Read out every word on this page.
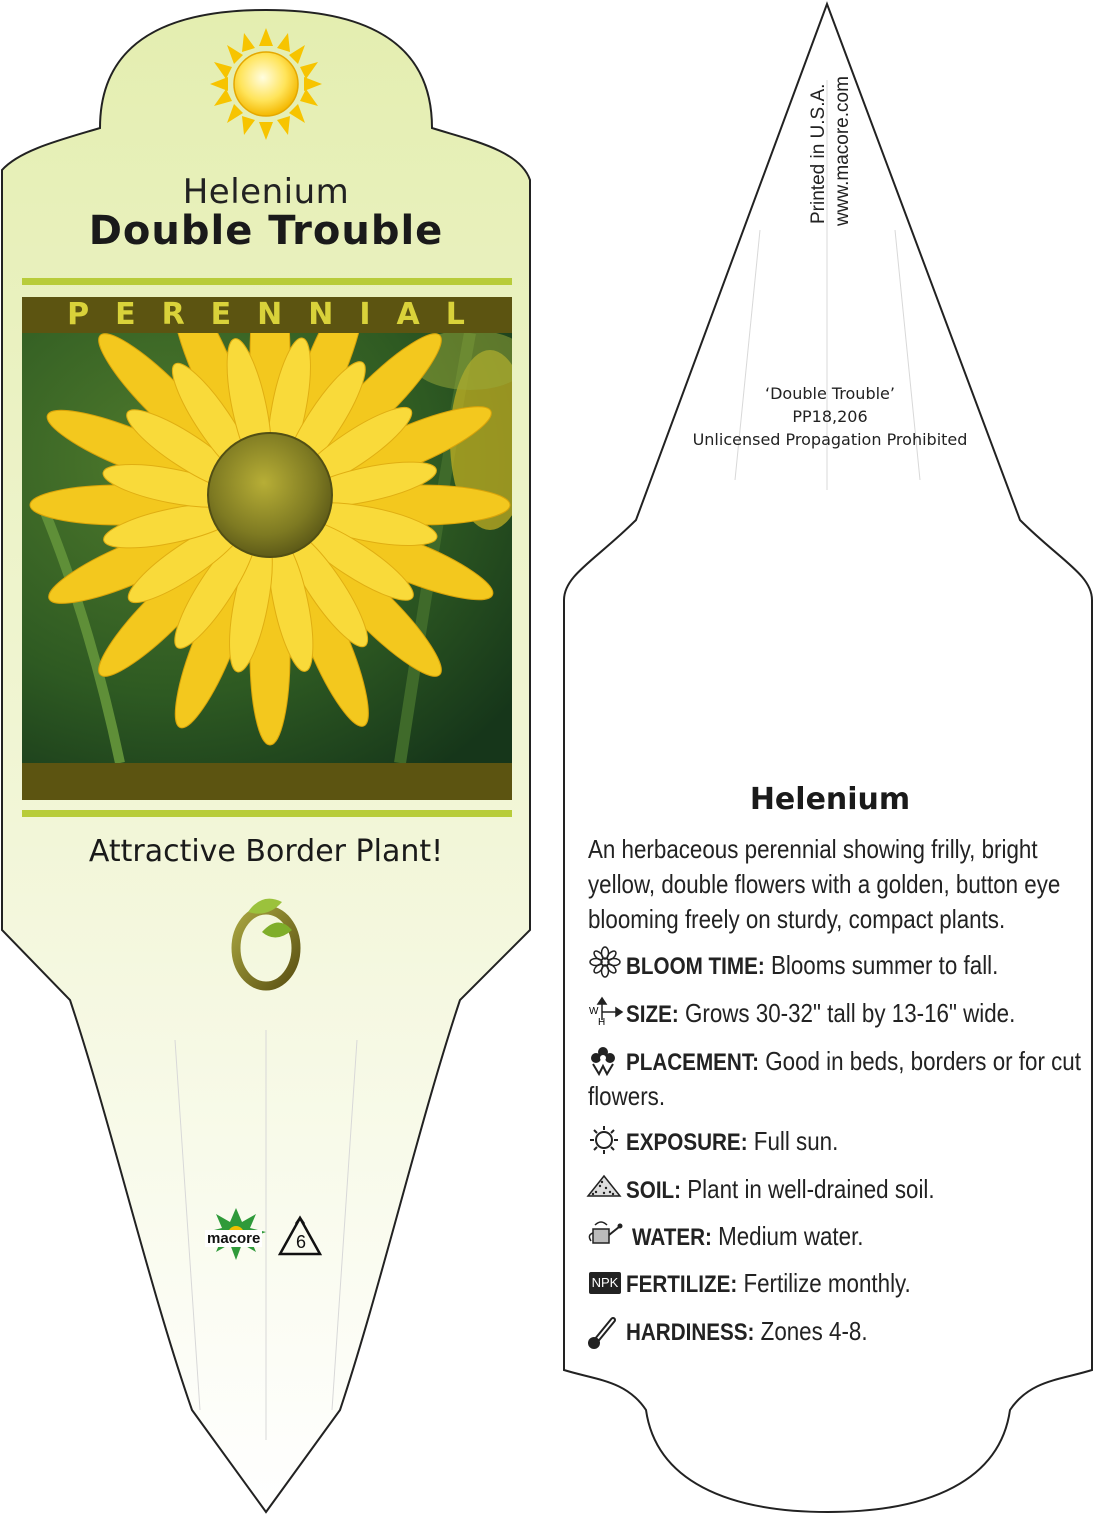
Helenium
Double Trouble
PERENNIAL
Attractive Border Plant!
macore	6
Printed in U.S.A. www.macore.com
‘Double Trouble’
PP18,206
Unlicensed Propagation Prohibited
Helenium
An herbaceous perennial showing frilly, bright yellow, double flowers with a golden, button eye blooming freely on sturdy, compact plants.
BLOOM TIME: Blooms summer to fall.
W
H SIZE: Grows 30-32" tall by 13-16" wide.
PLACEMENT: Good in beds, borders or for cut
flowers.
EXPOSURE: Full sun.
SOIL: Plant in well-drained soil.
WATER: Medium water.
NPK FERTILIZE: Fertilize monthly.
HARDINESS: Zones 4-8.
